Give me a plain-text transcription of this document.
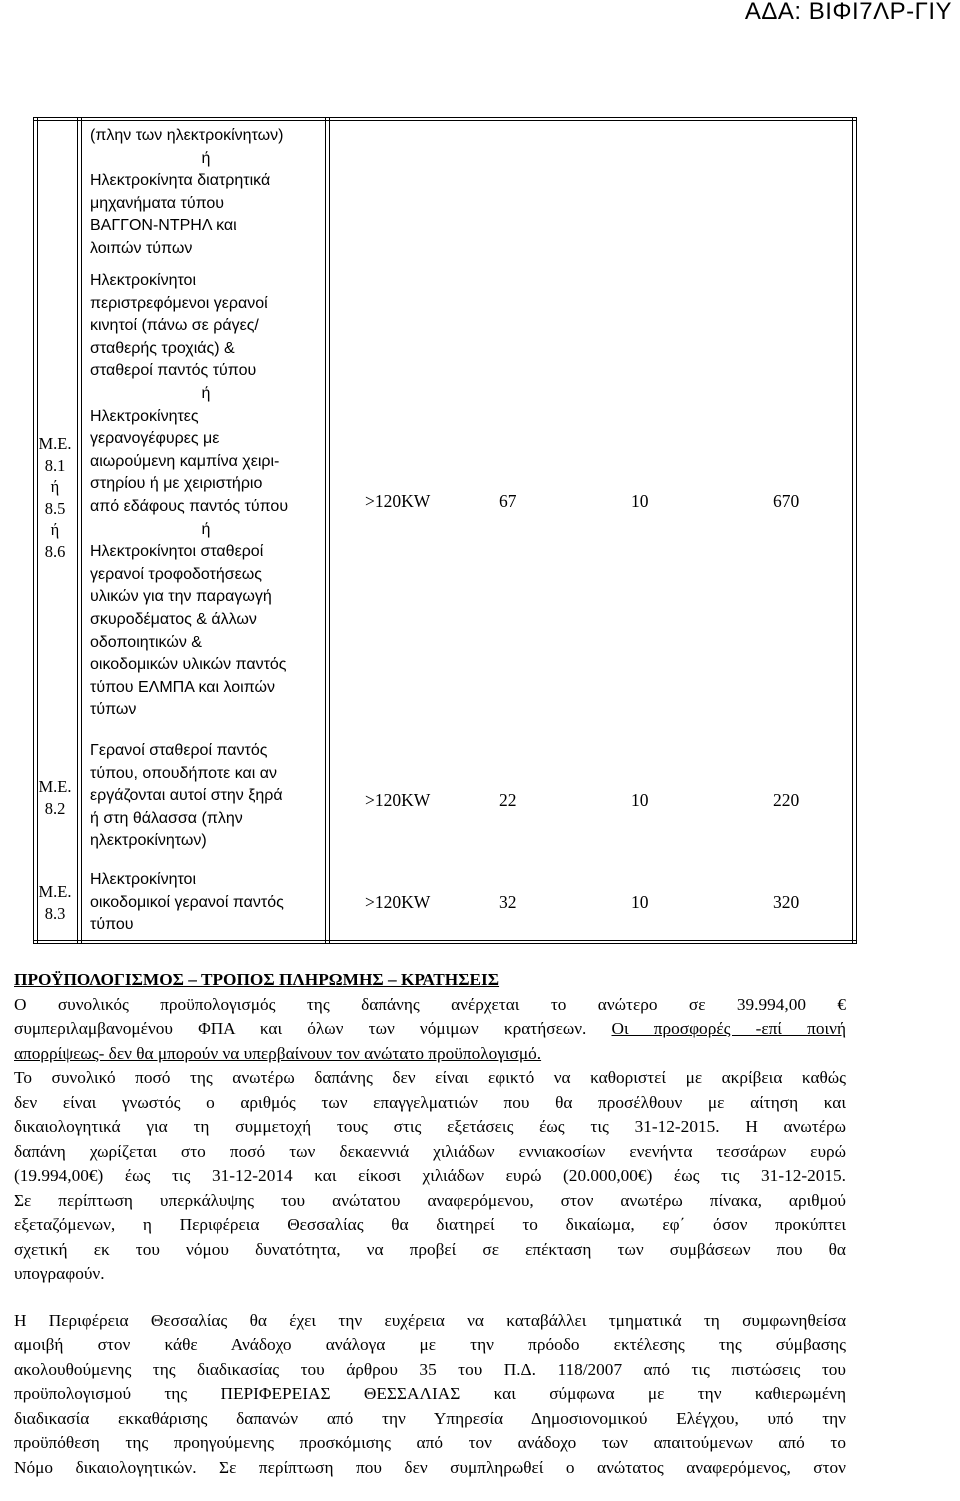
ΑΔΑ: ΒΙΦΙ7ΛΡ-ΓΙΥ
(πλην των ηλεκτροκίνητων)
ή
Ηλεκτροκίνητα διατρητικά
μηχανήματα τύπου
ΒΑΓΓΟΝ-ΝΤΡΗΛ και
λοιπών τύπων
Μ.Ε.
8.1
ή
8.5
ή
8.6
Ηλεκτροκίνητοι
περιστρεφόμενοι γερανοί
κινητοί (πάνω σε ράγες/
σταθερής τροχιάς) &
σταθεροί παντός τύπου
ή
Ηλεκτροκίνητες
γερανογέφυρες με
αιωρούμενη καμπίνα χειρι-
στηρίου ή με χειριστήριο
από εδάφους παντός τύπου
ή
Ηλεκτροκίνητοι σταθεροί
γερανοί τροφοδοτήσεως
υλικών για την παραγωγή
σκυροδέματος & άλλων
οδοποιητικών &
οικοδομικών υλικών παντός
τύπου ΕΛΜΠΑ και λοιπών
τύπων
>120KW	67	10	670
Μ.Ε.
8.2
Γερανοί σταθεροί παντός
τύπου, οπουδήποτε και αν
εργάζονται αυτοί στην ξηρά
ή στη θάλασσα (πλην
ηλεκτροκίνητων)
>120KW	22	10	220
Μ.Ε.
8.3
Ηλεκτροκίνητοι
οικοδομικοί γερανοί παντός
τύπου
>120KW	32	10	320
ΠΡΟΫΠΟΛΟΓΙΣΜΟΣ – ΤΡΟΠΟΣ ΠΛΗΡΩΜΗΣ – ΚΡΑΤΗΣΕΙΣ
Ο συνολικός προϋπολογισμός της δαπάνης ανέρχεται το ανώτερο σε 39.994,00 €
συμπεριλαμβανομένου ΦΠΑ και όλων των νόμιμων κρατήσεων. Οι προσφορές -επί ποινή
απορρίψεως- δεν θα μπορούν να υπερβαίνουν τον ανώτατο προϋπολογισμό.
Το συνολικό ποσό της ανωτέρω δαπάνης δεν είναι εφικτό να καθοριστεί με ακρίβεια καθώς
δεν είναι γνωστός ο αριθμός των επαγγελματιών που θα προσέλθουν με αίτηση και
δικαιολογητικά για τη συμμετοχή τους στις εξετάσεις έως τις 31-12-2015. Η ανωτέρω
δαπάνη χωρίζεται στο ποσό των δεκαεννιά χιλιάδων εννιακοσίων ενενήντα τεσσάρων ευρώ
(19.994,00€) έως τις 31-12-2014 και είκοσι χιλιάδων ευρώ (20.000,00€) έως τις 31-12-2015.
Σε περίπτωση υπερκάλυψης του ανώτατου αναφερόμενου, στον ανωτέρω πίνακα, αριθμού
εξεταζόμενων, η Περιφέρεια Θεσσαλίας θα διατηρεί το δικαίωμα, εφ΄ όσον προκύπτει
σχετική εκ του νόμου δυνατότητα, να προβεί σε επέκταση των συμβάσεων που θα
υπογραφούν.
Η Περιφέρεια Θεσσαλίας θα έχει την ευχέρεια να καταβάλλει τμηματικά τη συμφωνηθείσα
αμοιβή στον κάθε Ανάδοχο ανάλογα με την πρόοδο εκτέλεσης της σύμβασης
ακολουθούμενης της διαδικασίας του άρθρου 35 του Π.Δ. 118/2007 από τις πιστώσεις του
προϋπολογισμού της ΠΕΡΙΦΕΡΕΙΑΣ ΘΕΣΣΑΛΙΑΣ και σύμφωνα με την καθιερωμένη
διαδικασία εκκαθάρισης δαπανών από την Υπηρεσία Δημοσιονομικού Ελέγχου, υπό την
προϋπόθεση της προηγούμενης προσκόμισης από τον ανάδοχο των απαιτούμενων από το
Νόμο δικαιολογητικών. Σε περίπτωση που δεν συμπληρωθεί ο ανώτατος αναφερόμενος, στον
